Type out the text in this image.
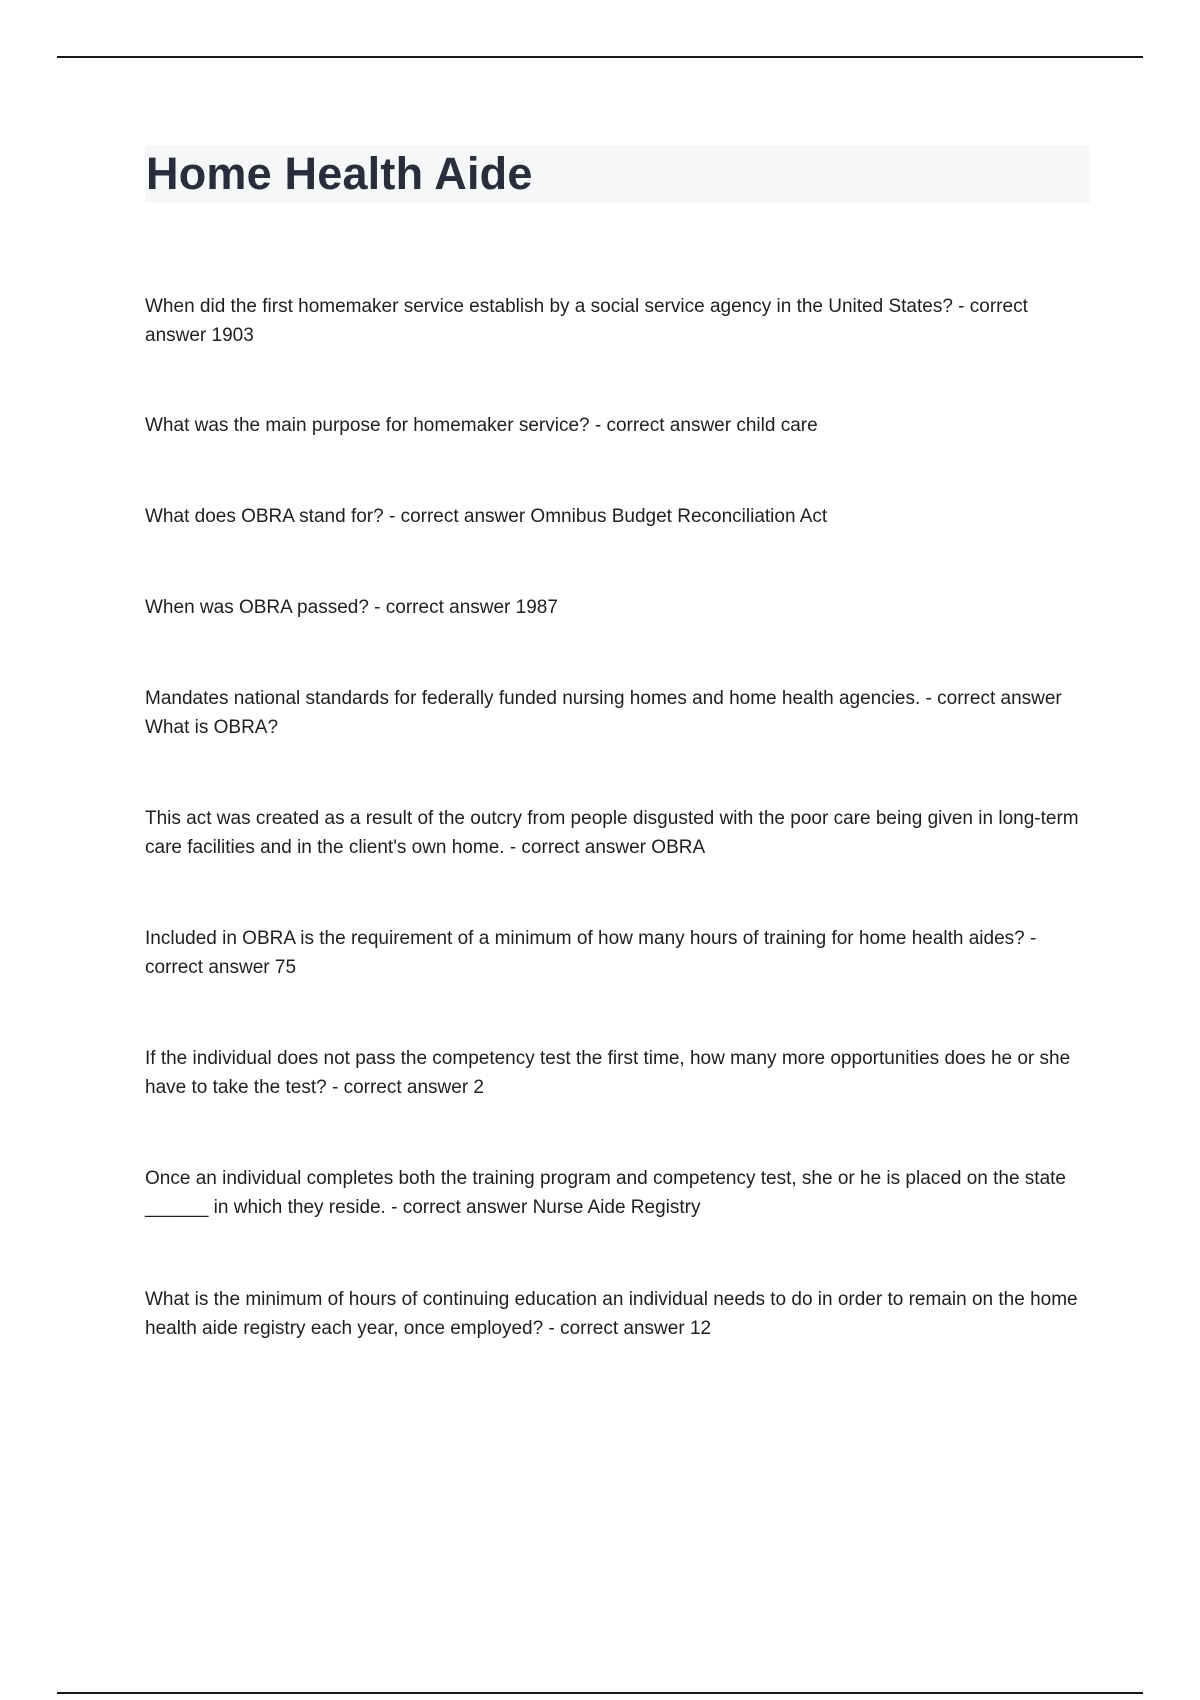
Home Health Aide

When did the first homemaker service establish by a social service agency in the United States? - correct answer 1903

What was the main purpose for homemaker service? - correct answer child care

What does OBRA stand for? - correct answer Omnibus Budget Reconciliation Act

When was OBRA passed? - correct answer 1987

Mandates national standards for federally funded nursing homes and home health agencies. - correct answer What is OBRA?

This act was created as a result of the outcry from people disgusted with the poor care being given in long-term care facilities and in the client's own home. - correct answer OBRA

Included in OBRA is the requirement of a minimum of how many hours of training for home health aides? - correct answer 75

If the individual does not pass the competency test the first time, how many more opportunities does he or she have to take the test? - correct answer 2

Once an individual completes both the training program and competency test, she or he is placed on the state ______ in which they reside. - correct answer Nurse Aide Registry

What is the minimum of hours of continuing education an individual needs to do in order to remain on the home health aide registry each year, once employed? - correct answer 12
